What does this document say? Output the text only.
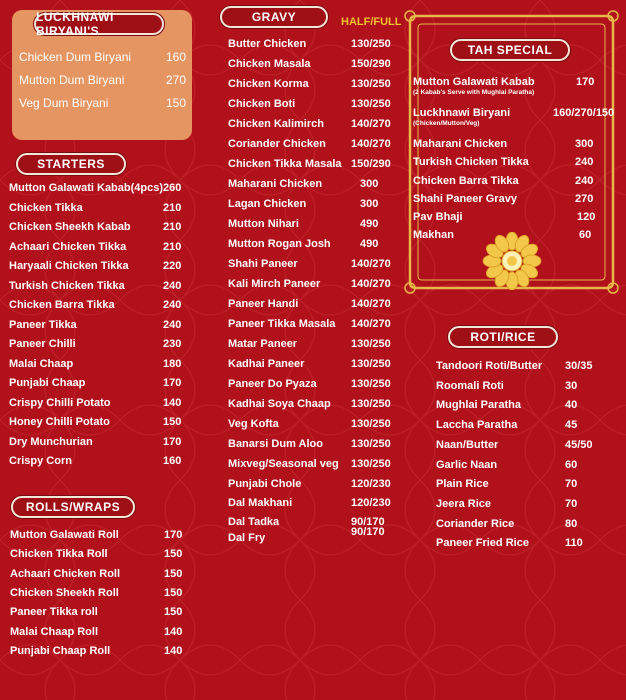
Chicken Dum Biryani	160
Mutton Dum Biryani	270
Veg Dum Biryani	150
LUCKHNAWI BIRYANI'S
STARTERS
Mutton Galawati Kabab(4pcs) 260
Chicken Tikka	210
Chicken Sheekh Kabab	210
Achaari Chicken Tikka	210
Haryaali Chicken Tikka	220
Turkish Chicken Tikka	240
Chicken Barra Tikka	240
Paneer Tikka	240
Paneer Chilli	230
Malai Chaap	180
Punjabi Chaap	170
Crispy Chilli Potato	140
Honey Chilli Potato	150
Dry Munchurian	170
Crispy Corn	160
ROLLS/WRAPS
Mutton Galawati Roll	170
Chicken Tikka Roll	150
Achaari Chicken Roll	150
Chicken Sheekh Roll	150
Paneer Tikka roll	150
Malai Chaap Roll	140
Punjabi Chaap Roll	140
GRAVY	HALF/FULL
Butter Chicken	130/250
Chicken Masala	150/290
Chicken Korma	130/250
Chicken Boti	130/250
Chicken Kalimirch 140/270
Coriander Chicken 140/270
Chicken Tikka Masala 150/290
Maharani Chicken	300
Lagan Chicken	300
Mutton Nihari	490
Mutton Rogan Josh	490
Shahi Paneer	140/270
Kali Mirch Paneer	140/270
Paneer Handi	140/270
Paneer Tikka Masala 140/270
Matar Paneer	130/250
Kadhai Paneer	130/250
Paneer Do Pyaza	130/250
Kadhai Soya Chaap 130/250
Veg Kofta	130/250
Banarsi Dum Aloo	130/250
Mixveg/Seasonal veg 130/250
Punjabi Chole	120/230
Dal Makhani	120/230
Dal Tadka	90/170
Dal Fry	90/170
TAH SPECIAL
Mutton Galawati Kabab
(2 Kabab's Serve with Mughlai Paratha)
170
Luckhnawi Biryani
(Chicken/Mutton/Veg)
160/270/150
Maharani Chicken	300
Turkish Chicken Tikka	240
Chicken Barra Tikka	240
Shahi Paneer Gravy	270
Pav Bhaji	120
Makhan	60
ROTI/RICE
Tandoori Roti/Butter 30/35
Roomali Roti	30
Mughlai Paratha	40
Laccha Paratha	45
Naan/Butter	45/50
Garlic Naan	60
Plain Rice	70
Jeera Rice	70
Coriander Rice	80
Paneer Fried Rice	110
